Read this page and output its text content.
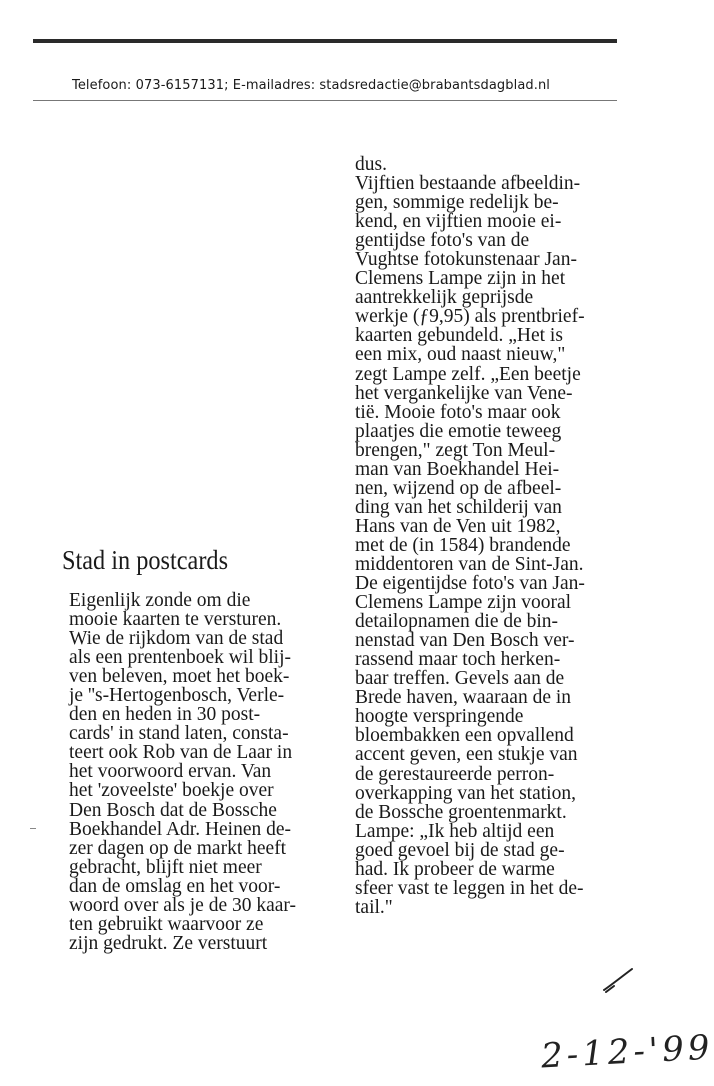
Telefoon: 073-6157131; E-mailadres: stadsredactie@brabantsdagblad.nl
dus.
Vijftien bestaande afbeeldin-
gen, sommige redelijk be-
kend, en vijftien mooie ei-
gentijdse foto's van de
Vughtse fotokunstenaar Jan-
Clemens Lampe zijn in het
aantrekkelijk geprijsde
werkje (ƒ9,95) als prentbrief-
kaarten gebundeld. „Het is
een mix, oud naast nieuw,"
zegt Lampe zelf. „Een beetje
het vergankelijke van Vene-
tië. Mooie foto's maar ook
plaatjes die emotie teweeg
brengen," zegt Ton Meul-
man van Boekhandel Hei-
nen, wijzend op de afbeel-
ding van het schilderij van
Hans van de Ven uit 1982,
met de (in 1584) brandende
middentoren van de Sint-Jan.
De eigentijdse foto's van Jan-
Clemens Lampe zijn vooral
detailopnamen die de bin-
nenstad van Den Bosch ver-
rassend maar toch herken-
baar treffen. Gevels aan de
Brede haven, waaraan de in
hoogte verspringende
bloembakken een opvallend
accent geven, een stukje van
de gerestaureerde perron-
overkapping van het station,
de Bossche groentenmarkt.
Lampe: „Ik heb altijd een
goed gevoel bij de stad ge-
had. Ik probeer de warme
sfeer vast te leggen in het de-
tail."
Stad in postcards
Eigenlijk zonde om die
mooie kaarten te versturen.
Wie de rijkdom van de stad
als een prentenboek wil blij-
ven beleven, moet het boek-
je ''s-Hertogenbosch, Verle-
den en heden in 30 post-
cards' in stand laten, consta-
teert ook Rob van de Laar in
het voorwoord ervan. Van
het 'zoveelste' boekje over
Den Bosch dat de Bossche
Boekhandel Adr. Heinen de-
zer dagen op de markt heeft
gebracht, blijft niet meer
dan de omslag en het voor-
woord over als je de 30 kaar-
ten gebruikt waarvoor ze
zijn gedrukt. Ze verstuurt
2-12-'99
